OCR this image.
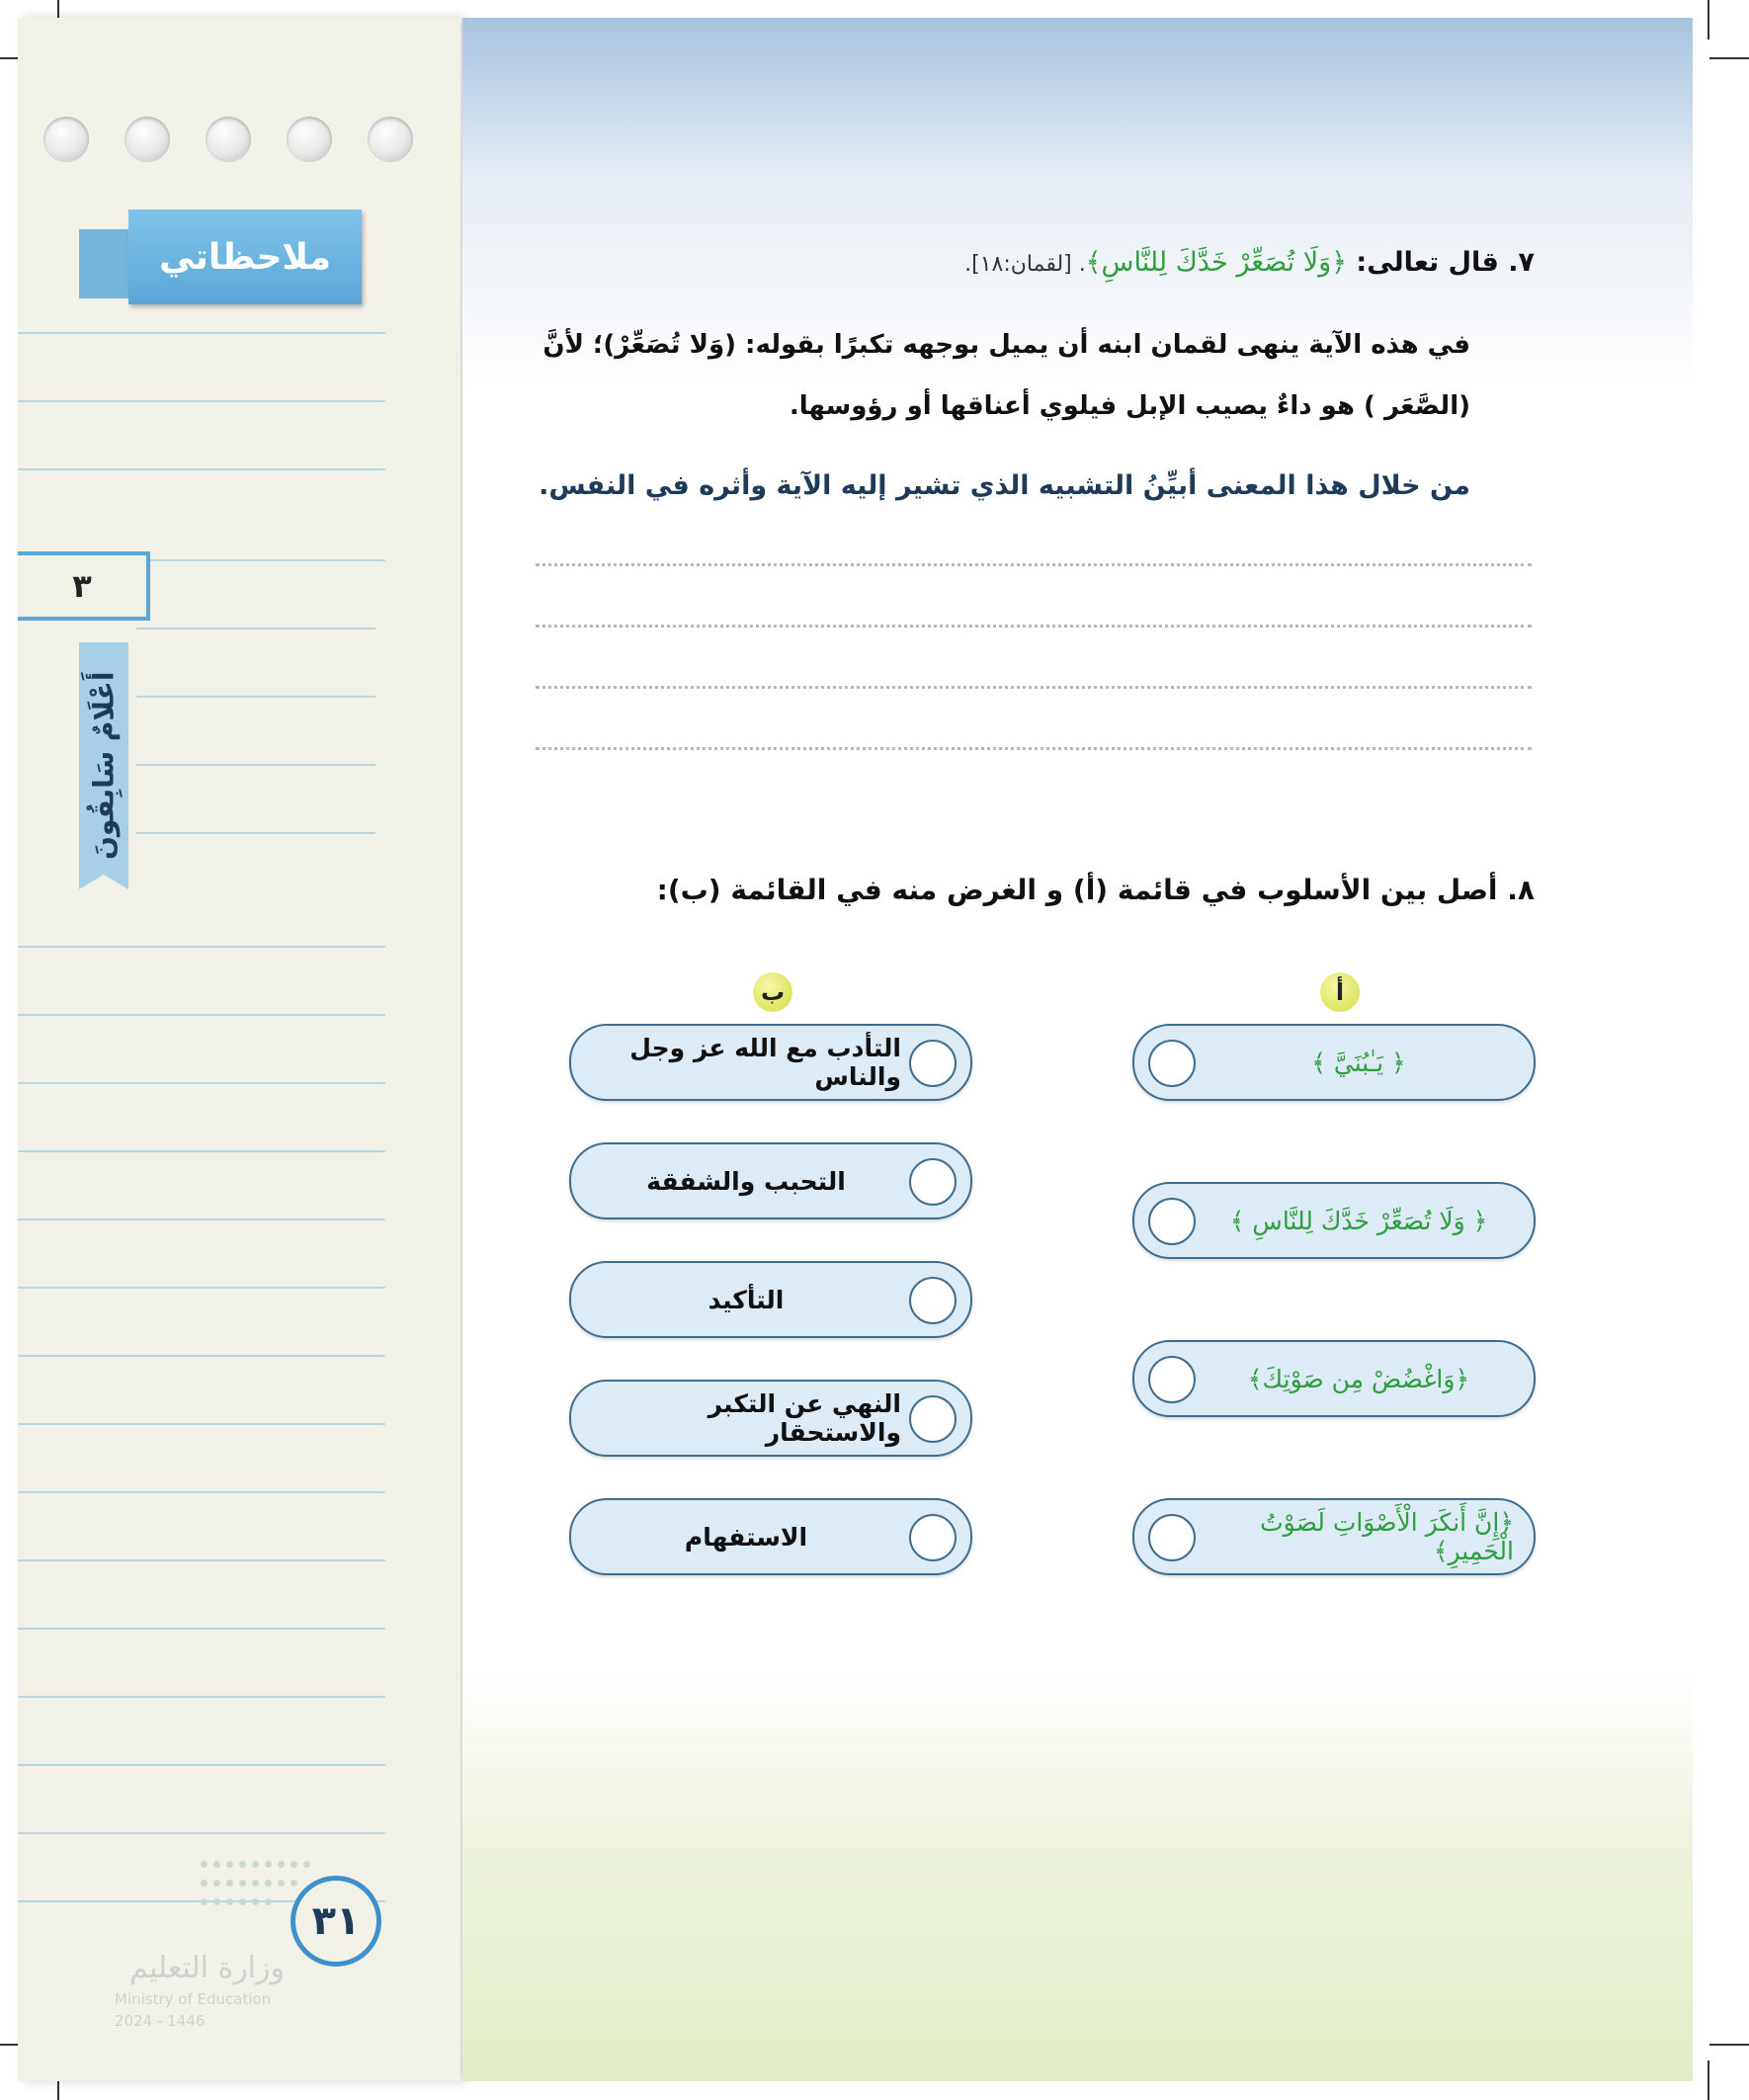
ملاحظاتي
٣
أَعْلَامٌ سَابِقُونَ

وزارة التعليم
Ministry of Education
2024 - 1446
٣١
٧. قال تعالى: ﴿وَلَا تُصَعِّرْ خَدَّكَ لِلنَّاسِ﴾. [لقمان:١٨].
في هذه الآية ينهى لقمان ابنه أن يميل بوجهه تكبرًا بقوله: (وَلا تُصَعِّرْ)؛ لأنَّ (الصَّعَر ) هو داءٌ يصيب الإبل فيلوي أعناقها أو رؤوسها.
من خلال هذا المعنى أبيِّنُ التشبيه الذي تشير إليه الآية وأثره في النفس.
٨. أصل بين الأسلوب في قائمة (أ) و الغرض منه في القائمة (ب):
أ
ب
﴿ يَـٰبُنَيَّ ﴾
﴿ وَلَا تُصَعِّرْ خَدَّكَ لِلنَّاسِ ﴾
﴿وَاغْضُضْ مِن صَوْتِكَ﴾
﴿إِنَّ أَنكَرَ الْأَصْوَاتِ لَصَوْتُ الْحَمِيرِ﴾
التأدب مع الله عز وجل والناس
التحبب والشفقة
التأكيد
النهي عن التكبر والاستحقار
الاستفهام
